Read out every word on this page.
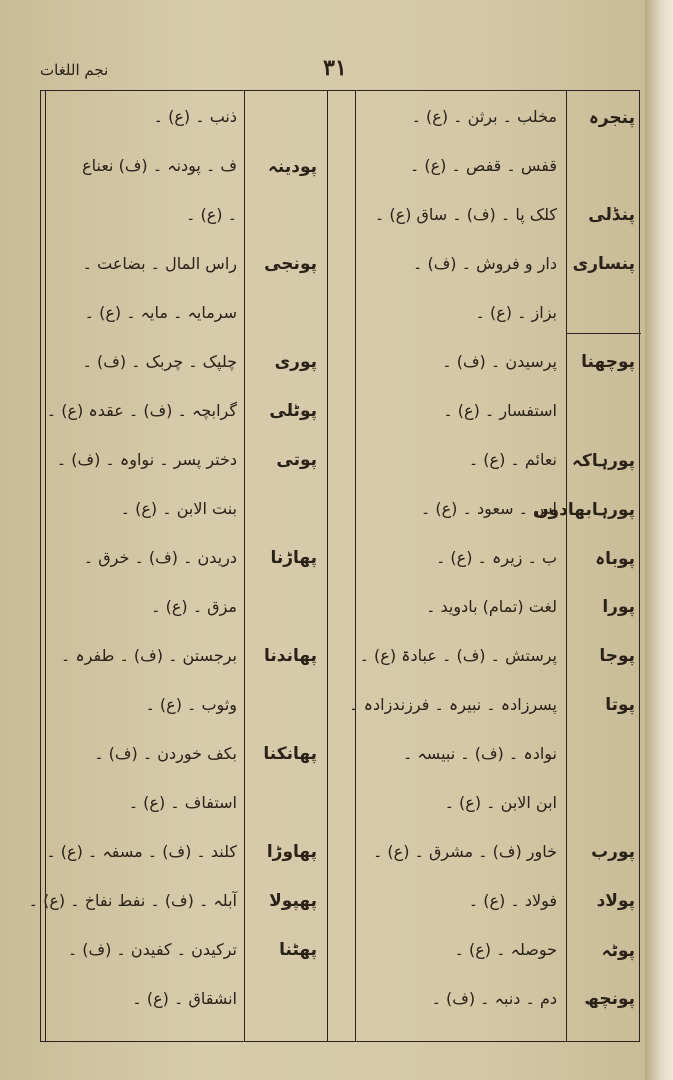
نجم اللغات	۳۱
پنجرہ
مخلب ۔ برثن ۔ (ع) ۔
قفس ۔ قفص ۔ (ع) ۔
پنڈلی
کلک پا ۔ (ف) ۔ ساق (ع) ۔
پنساری
دار و فروش ۔ (ف) ۔
بزاز ۔ (ع) ۔
پوچھنا
پرسیدن ۔ (ف) ۔
استفسار ۔ (ع) ۔
پورہاکہ
نعائم ۔ (ع) ۔
پورہابھادوں
اس ۔ سعود ۔ (ع) ۔
پوباہ
ب ۔ زیرہ ۔ (ع) ۔
پورا
لغت (تمام) بادوید ۔
پوجا
پرستش ۔ (ف) ۔ عبادۃ (ع) ۔
پوتا
پسرزادہ ۔ نبیرہ ۔ فرزندزادہ ۔
نوادہ ۔ (ف) ۔ نبیسہ ۔
ابن الابن ۔ (ع) ۔
پورب
خاور (ف) ۔ مشرق ۔ (ع) ۔
پولاد
فولاد ۔ (ع) ۔
پوٹہ
حوصلہ ۔ (ع) ۔
پونچھ
دم ۔ دنبہ ۔ (ف) ۔
ذنب ۔ (ع) ۔
پودینہ
ف ۔ پودنہ ۔ (ف) نعناع
۔ (ع) ۔
پونجی
راس المال ۔ بضاعت ۔
سرمایہ ۔ مایہ ۔ (ع) ۔
پوری
چلپک ۔ چربک ۔ (ف) ۔
پوٹلی
گرابچہ ۔ (ف) ۔ عقدہ (ع) ۔
پوتی
دختر پسر ۔ نواوہ ۔ (ف) ۔
بنت الابن ۔ (ع) ۔
پھاڑنا
دریدن ۔ (ف) ۔ خرق ۔
مزق ۔ (ع) ۔
پھاندنا
برجستن ۔ (ف) ۔ طفرہ ۔
وثوب ۔ (ع) ۔
پھانکنا
بکف خوردن ۔ (ف) ۔
استفاف ۔ (ع) ۔
پھاوڑا
کلند ۔ (ف) ۔ مسفہ ۔ (ع) ۔
پھپولا
آبلہ ۔ (ف) ۔ نفط نفاخ ۔ (ع) ۔
پھٹنا
ترکیدن ۔ کفیدن ۔ (ف) ۔
انشقاق ۔ (ع) ۔
